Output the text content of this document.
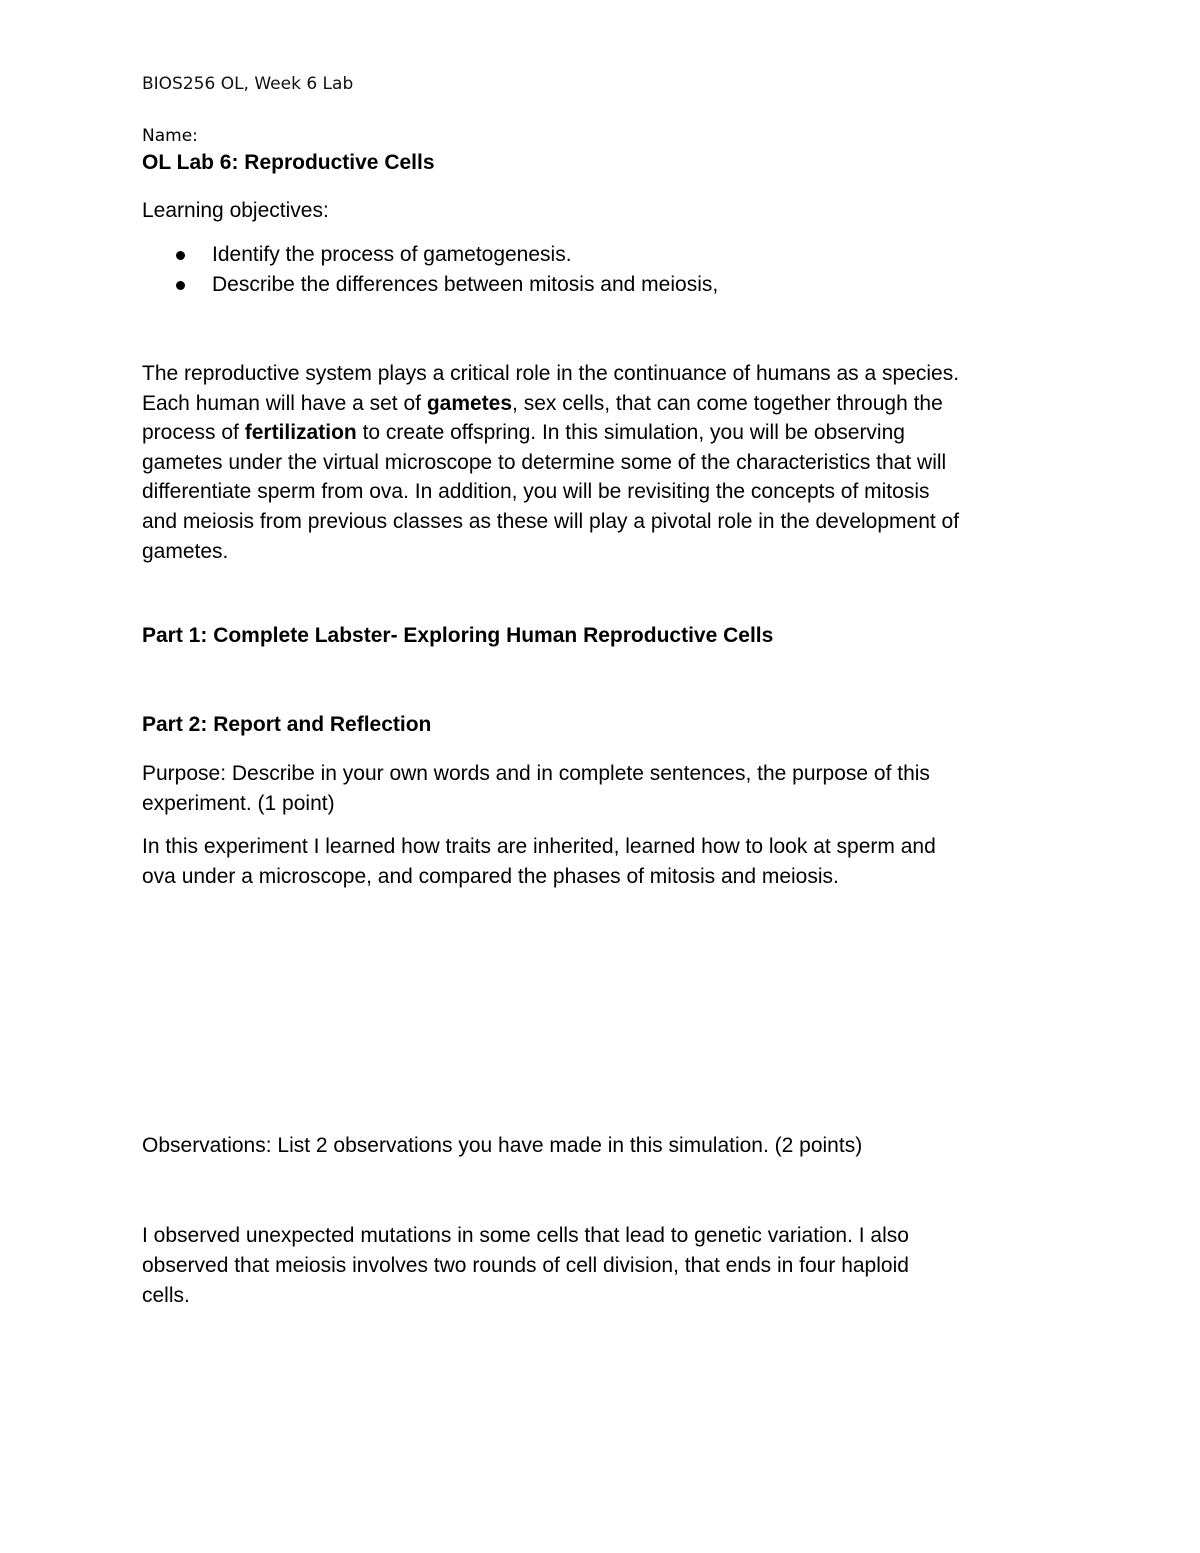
BIOS256 OL, Week 6 Lab

Name:

OL Lab 6: Reproductive Cells

Learning objectives:

Identify the process of gametogenesis.
Describe the differences between mitosis and meiosis,

The reproductive system plays a critical role in the continuance of humans as a species.
Each human will have a set of gametes, sex cells, that can come together through the
process of fertilization to create offspring. In this simulation, you will be observing
gametes under the virtual microscope to determine some of the characteristics that will
differentiate sperm from ova. In addition, you will be revisiting the concepts of mitosis
and meiosis from previous classes as these will play a pivotal role in the development of
gametes.

Part 1: Complete Labster- Exploring Human Reproductive Cells
Part 2: Report and Reflection

Purpose: Describe in your own words and in complete sentences, the purpose of this
experiment. (1 point)

In this experiment I learned how traits are inherited, learned how to look at sperm and
ova under a microscope, and compared the phases of mitosis and meiosis.

Observations: List 2 observations you have made in this simulation. (2 points)

I observed unexpected mutations in some cells that lead to genetic variation. I also
observed that meiosis involves two rounds of cell division, that ends in four haploid
cells.
